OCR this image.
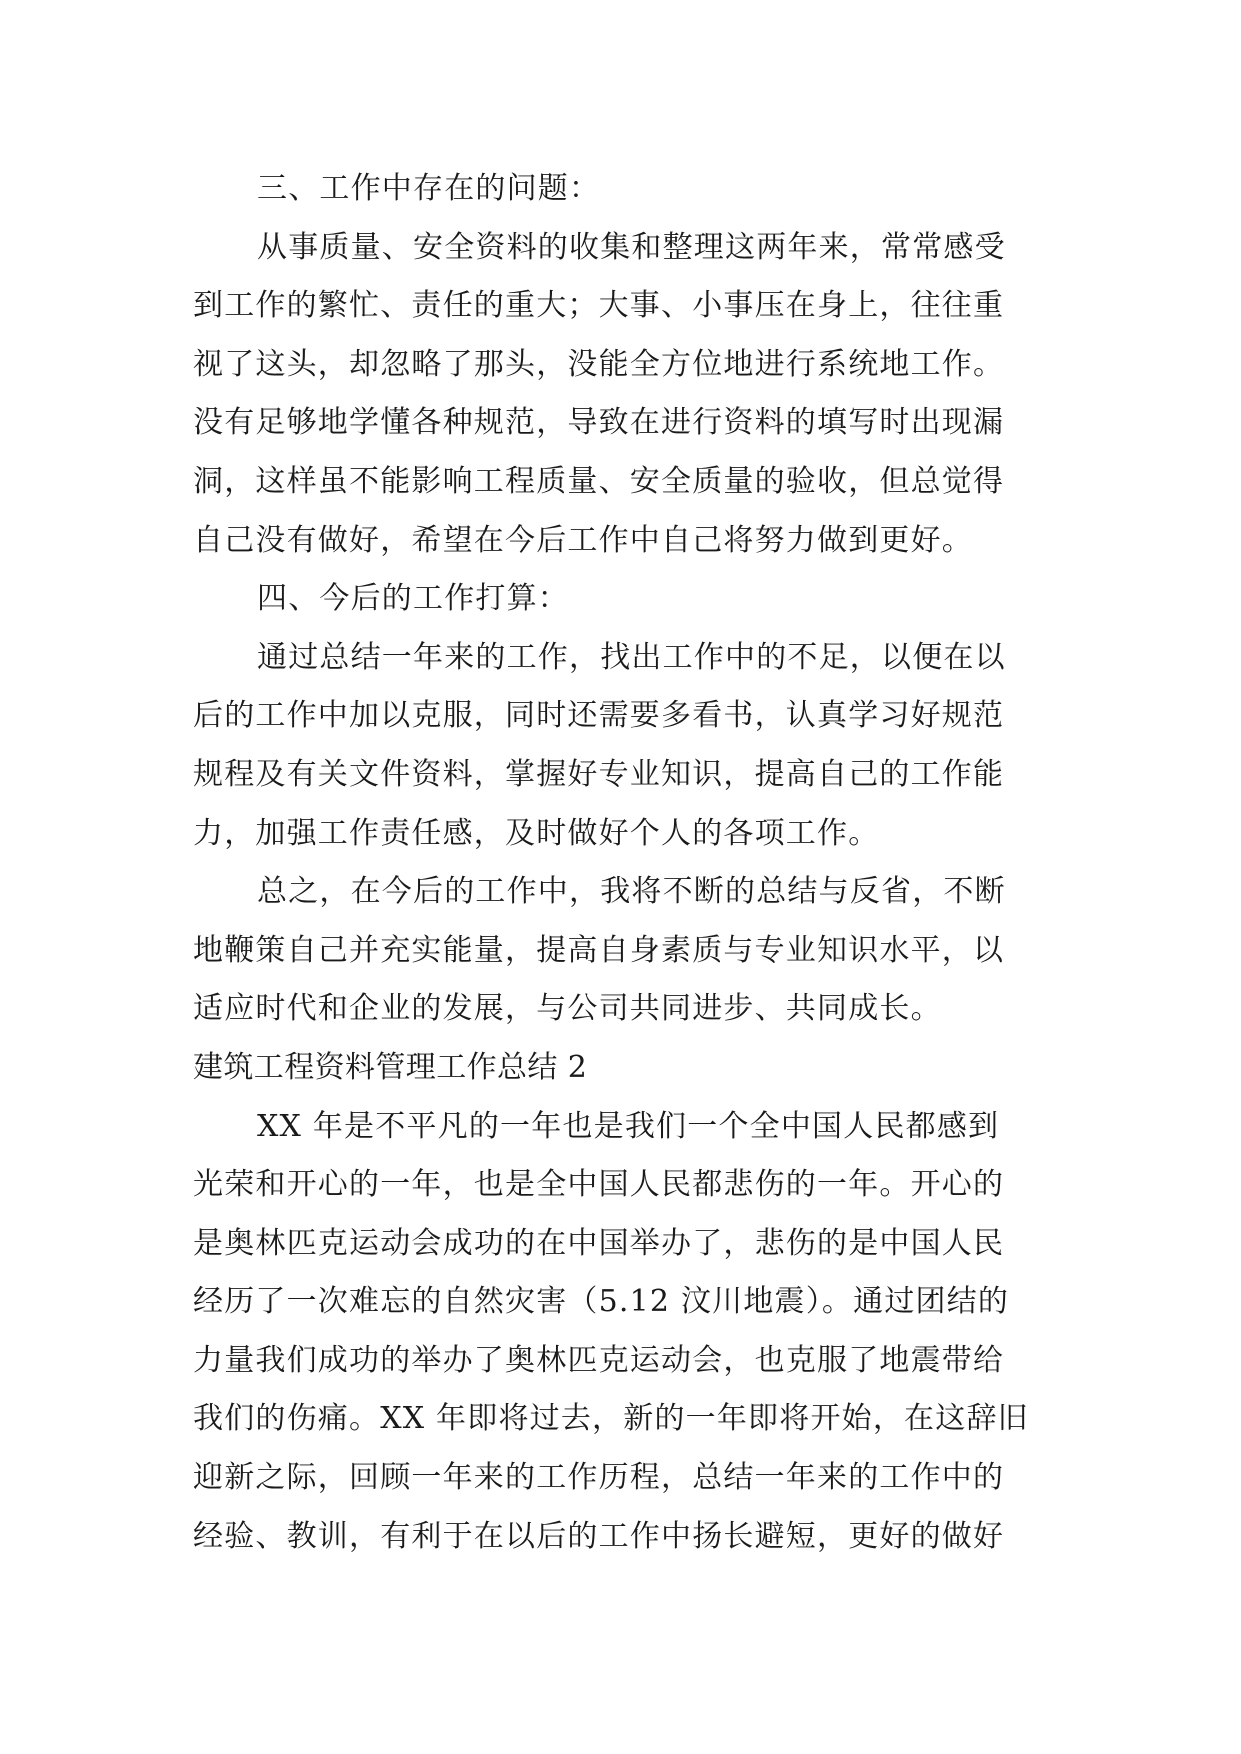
三、工作中存在的问题：
从事质量、安全资料的收集和整理这两年来，常常感受
到工作的繁忙、责任的重大；大事、小事压在身上，往往重
视了这头，却忽略了那头，没能全方位地进行系统地工作。
没有足够地学懂各种规范，导致在进行资料的填写时出现漏
洞，这样虽不能影响工程质量、安全质量的验收，但总觉得
自己没有做好，希望在今后工作中自己将努力做到更好。
四、今后的工作打算：
通过总结一年来的工作，找出工作中的不足，以便在以
后的工作中加以克服，同时还需要多看书，认真学习好规范
规程及有关文件资料，掌握好专业知识，提高自己的工作能
力，加强工作责任感，及时做好个人的各项工作。
总之，在今后的工作中，我将不断的总结与反省，不断
地鞭策自己并充实能量，提高自身素质与专业知识水平，以
适应时代和企业的发展，与公司共同进步、共同成长。
建筑工程资料管理工作总结 2
XX 年是不平凡的一年也是我们一个全中国人民都感到
光荣和开心的一年，也是全中国人民都悲伤的一年。开心的
是奥林匹克运动会成功的在中国举办了，悲伤的是中国人民
经历了一次难忘的自然灾害（5.12 汶川地震）。通过团结的
力量我们成功的举办了奥林匹克运动会，也克服了地震带给
我们的伤痛。XX 年即将过去，新的一年即将开始，在这辞旧
迎新之际，回顾一年来的工作历程，总结一年来的工作中的
经验、教训，有利于在以后的工作中扬长避短，更好的做好
